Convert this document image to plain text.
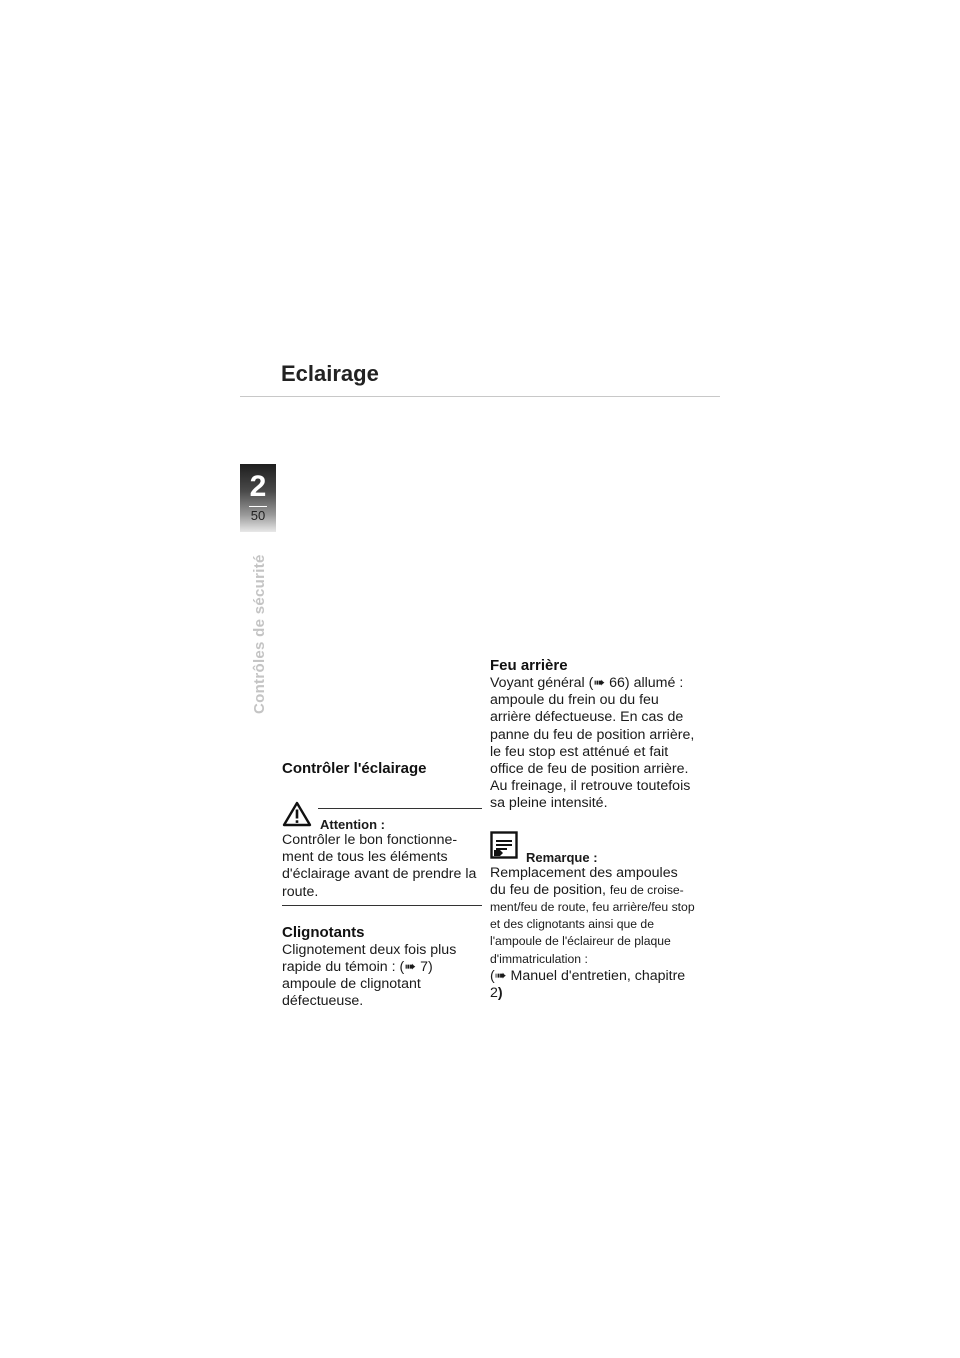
Eclairage
2
50
Contrôles de sécurité
Contrôler l'éclairage
Attention :

Contrôler le bon fonctionne-ment de tous les éléments d'éclairage avant de prendre la route.

Clignotants

Clignotement deux fois plus rapide du témoin : (➠ 7) ampoule de clignotant défectueuse.

Feu arrière

Voyant général (➠ 66) allumé : ampoule du frein ou du feu arrière défectueuse. En cas de panne du feu de position arrière, le feu stop est atténué et fait office de feu de position arrière. Au freinage, il retrouve toutefois sa pleine intensité.

Remarque :

Remplacement des ampoules du feu de position, feu de croise-ment/feu de route, feu arrière/feu stop et des clignotants ainsi que de l'ampoule de l'éclaireur de plaque d'immatriculation :
(➠ Manuel d'entretien, chapitre 2)
